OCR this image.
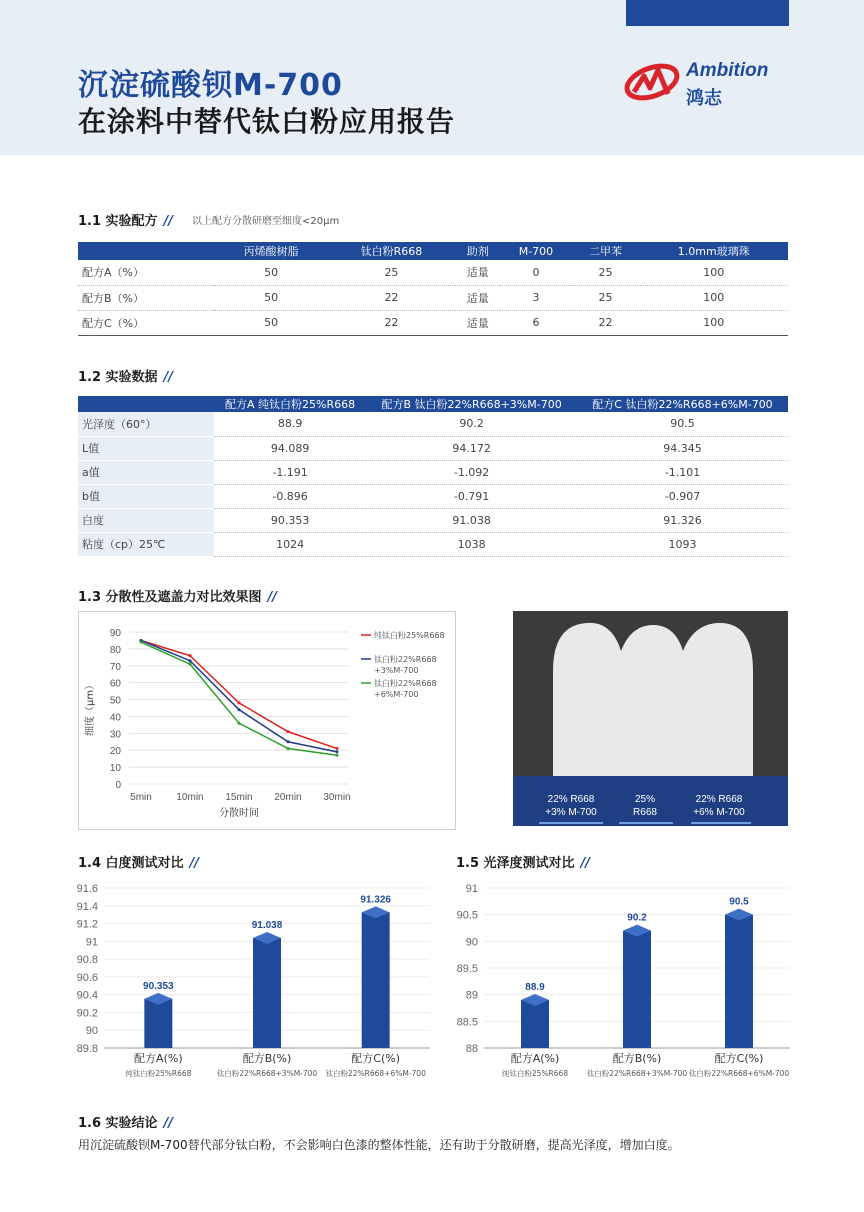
沉淀硫酸钡M-700
在涂料中替代钛白粉应用报告
Ambition
鸿志
1.1 实验配方 // 以上配方分散研磨至细度<20μm
	丙烯酸树脂	钛白粉R668	助剂	M-700	二甲苯	1.0mm玻璃珠
配方A（%）	50	25	适量	0	25	100
配方B（%）	50	22	适量	3	25	100
配方C（%）	50	22	适量	6	22	100
1.2 实验数据 //
	配方A 纯钛白粉25%R668	配方B 钛白粉22%R668+3%M-700	配方C 钛白粉22%R668+6%M-700
光泽度（60°）	88.9	90.2	90.5
L值	94.089	94.172	94.345
a值	-1.191	-1.092	-1.101
b值	-0.896	-0.791	-0.907
白度	90.353	91.038	91.326
粘度（cp）25℃	1024	1038	1093
1.3 分散性及遮盖力对比效果图 //
0
10
20
30
40
50
60
70
80
90
5min 10min 15min 20min 30min
分散时间
细度（μm）
纯钛白粉25%R668
钛白粉22%R668
+3%M-700
钛白粉22%R668
+6%M-700
22% R668
+3% M-700
25%
R668
22% R668
+6% M-700
1.4 白度测试对比 //	1.5 光泽度测试对比 //
91.6
91.4
91.2
91
90.8
90.6
90.4
90.2
90
89.8
90.353
配方A(%)
纯钛白粉25%R668
91.038
配方B(%)
钛白粉22%R668+3%M-700
91.326
配方C(%)
钛白粉22%R668+6%M-700
91
90.5
90
89.5
89
88.5
88
88.9
配方A(%)
纯钛白粉25%R668
90.2
配方B(%)
钛白粉22%R668+3%M-700
90.5
配方C(%)
钛白粉22%R668+6%M-700
1.6 实验结论 //
用沉淀硫酸钡M-700替代部分钛白粉，不会影响白色漆的整体性能，还有助于分散研磨，提高光泽度，增加白度。
